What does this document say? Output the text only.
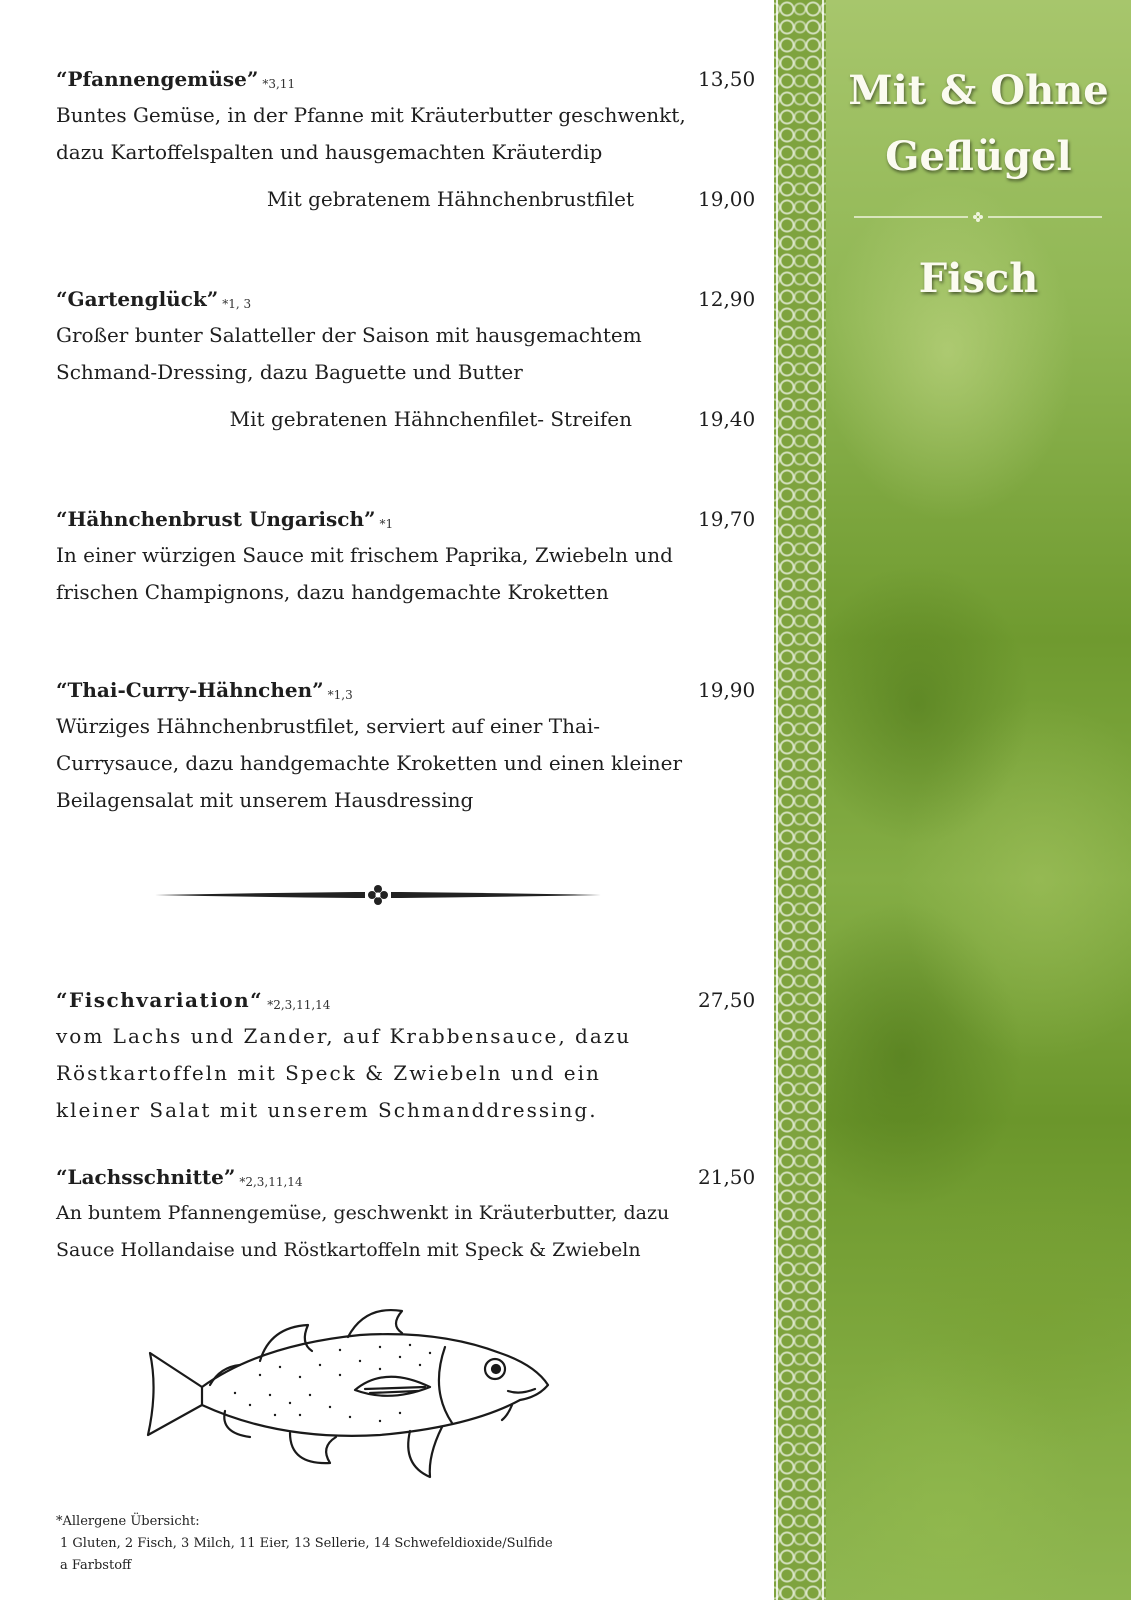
“Pfannengemüse” *3,11	13,50
Buntes Gemüse, in der Pfanne mit Kräuterbutter geschwenkt,
dazu Kartoffelspalten und hausgemachten Kräuterdip
Mit gebratenem Hähnchenbrustfilet	19,00
“Gartenglück” *1, 3	12,90
Großer bunter Salatteller der Saison mit hausgemachtem
Schmand-Dressing, dazu Baguette und Butter
Mit gebratenen Hähnchenfilet- Streifen	19,40
“Hähnchenbrust Ungarisch” *1	19,70
In einer würzigen Sauce mit frischem Paprika, Zwiebeln und
frischen Champignons, dazu handgemachte Kroketten
“Thai-Curry-Hähnchen” *1,3	19,90
Würziges Hähnchenbrustfilet, serviert auf einer Thai-
Currysauce, dazu handgemachte Kroketten und einen kleiner
Beilagensalat mit unserem Hausdressing
“Fischvariation“ *2,3,11,14	27,50
vom Lachs und Zander, auf Krabbensauce, dazu
Röstkartoffeln mit Speck & Zwiebeln und ein
kleiner Salat mit unserem Schmanddressing.
“Lachsschnitte” *2,3,11,14	21,50
An buntem Pfannengemüse, geschwenkt in Kräuterbutter, dazu
Sauce Hollandaise und Röstkartoffeln mit Speck & Zwiebeln
*Allergene Übersicht:
1 Gluten, 2 Fisch, 3 Milch, 11 Eier, 13 Sellerie, 14 Schwefeldioxide/Sulfide
a Farbstoff
Mit & Ohne
Geflügel
Fisch
